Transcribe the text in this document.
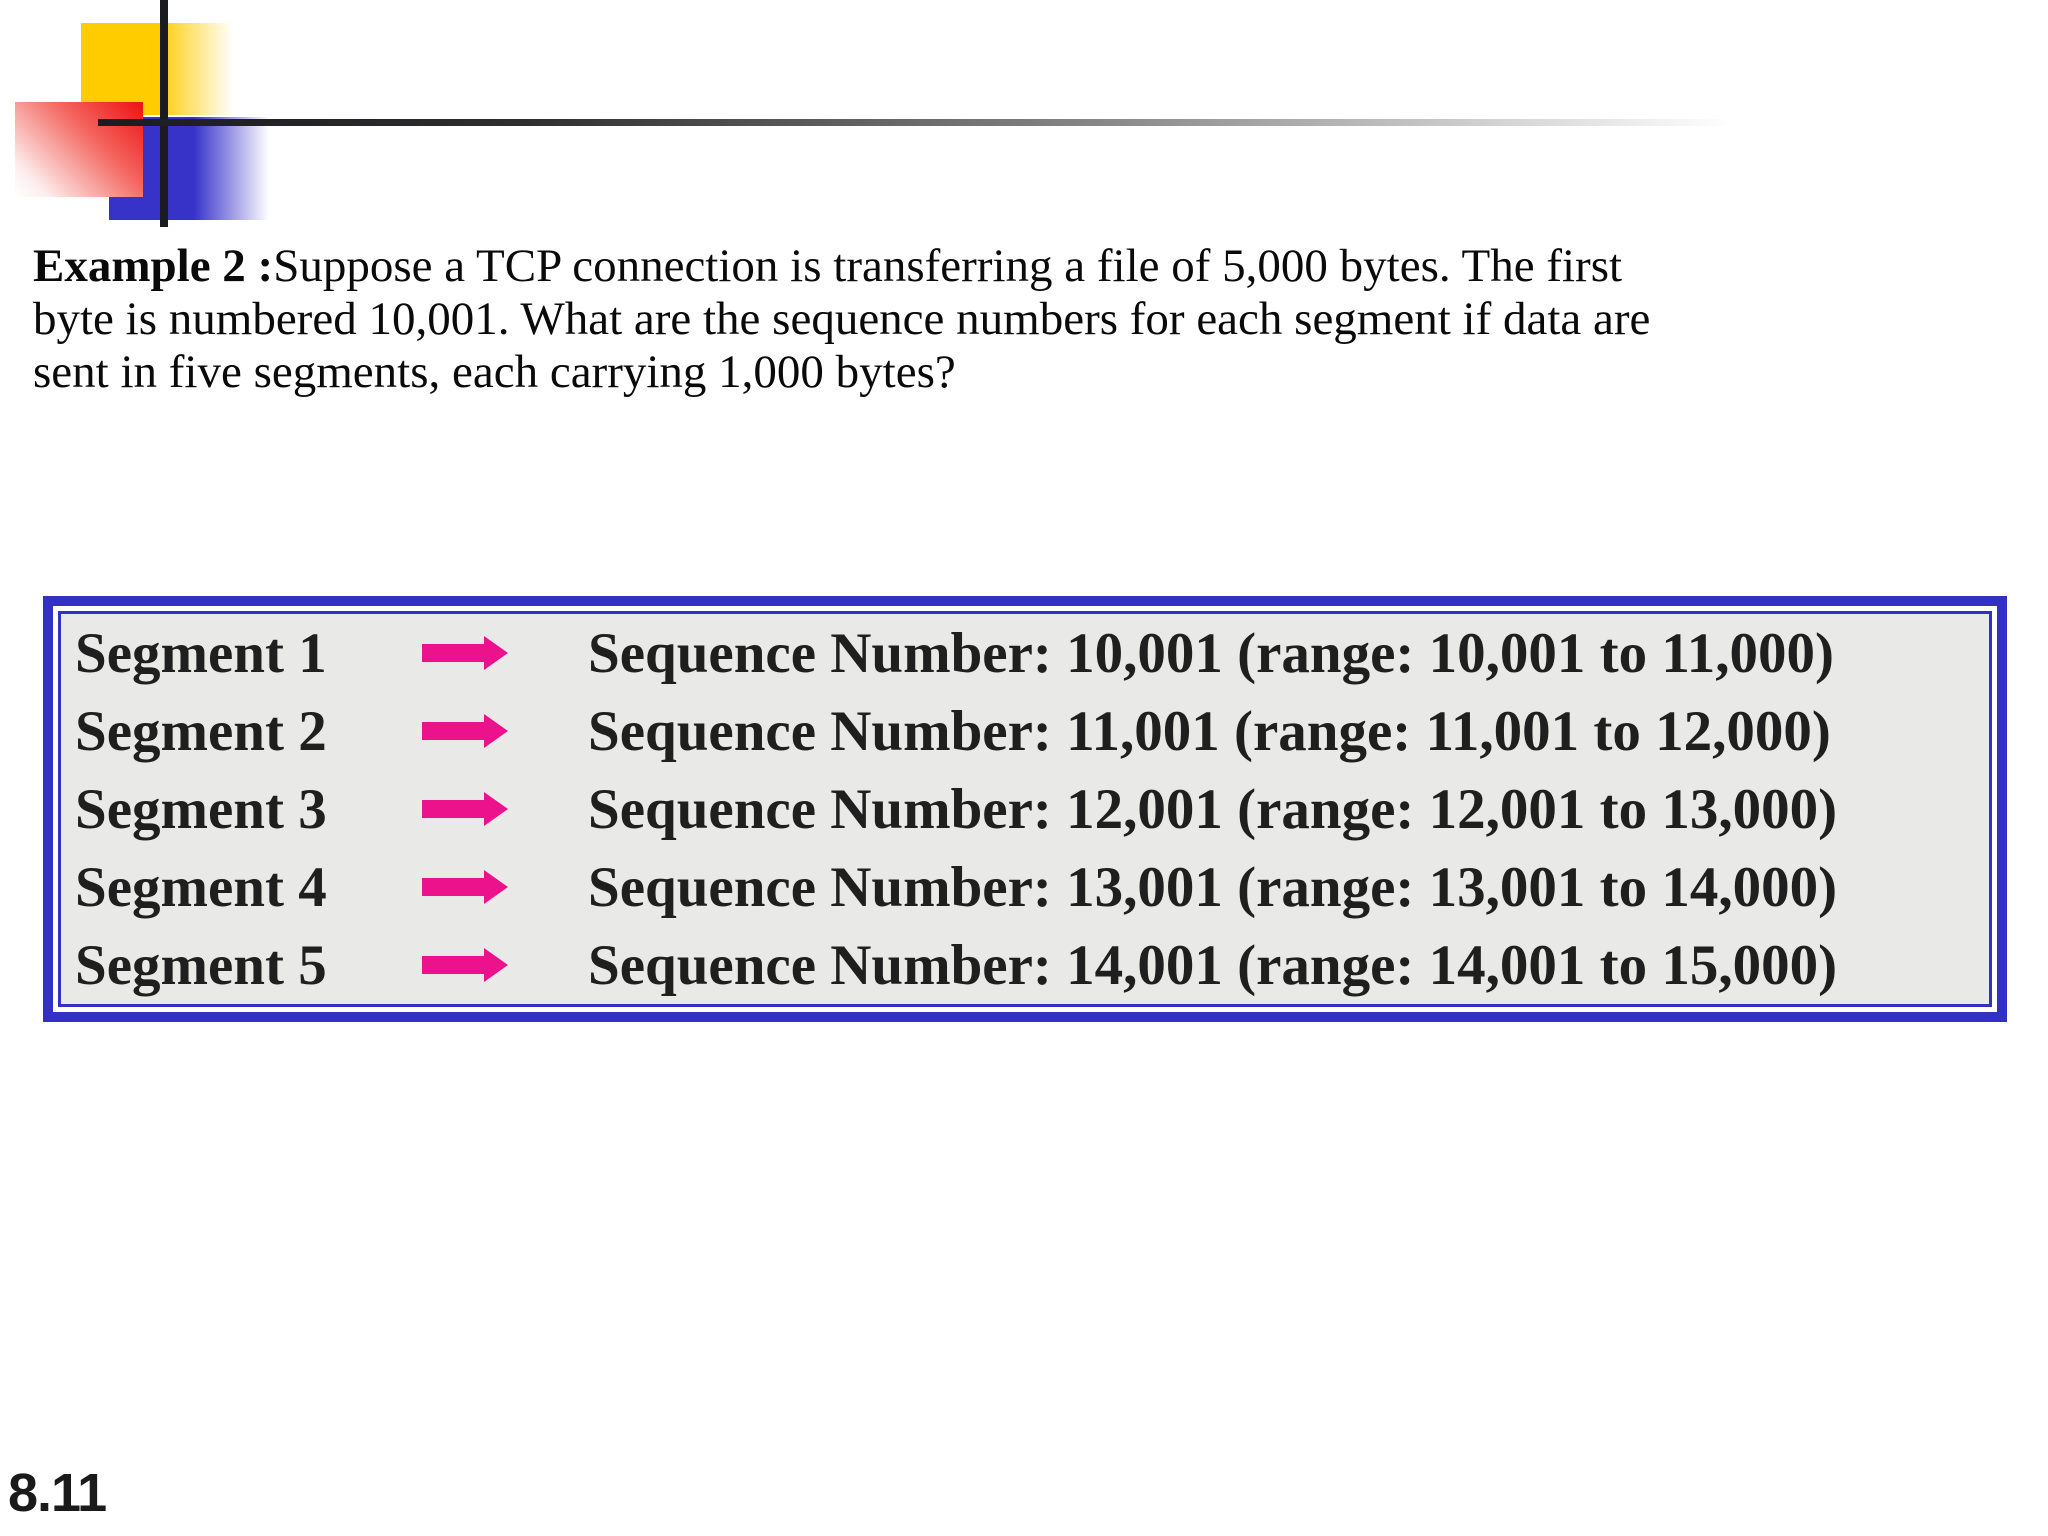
Example 2 :Suppose a TCP connection is transferring a file of 5,000 bytes. The first
byte is numbered 10,001. What are the sequence numbers for each segment if data are
sent in five segments, each carrying 1,000 bytes?
Segment 1	Sequence Number: 10,001 (range: 10,001 to 11,000)
Segment 2	Sequence Number: 11,001 (range: 11,001 to 12,000)
Segment 3	Sequence Number: 12,001 (range: 12,001 to 13,000)
Segment 4	Sequence Number: 13,001 (range: 13,001 to 14,000)
Segment 5	Sequence Number: 14,001 (range: 14,001 to 15,000)
8.11
